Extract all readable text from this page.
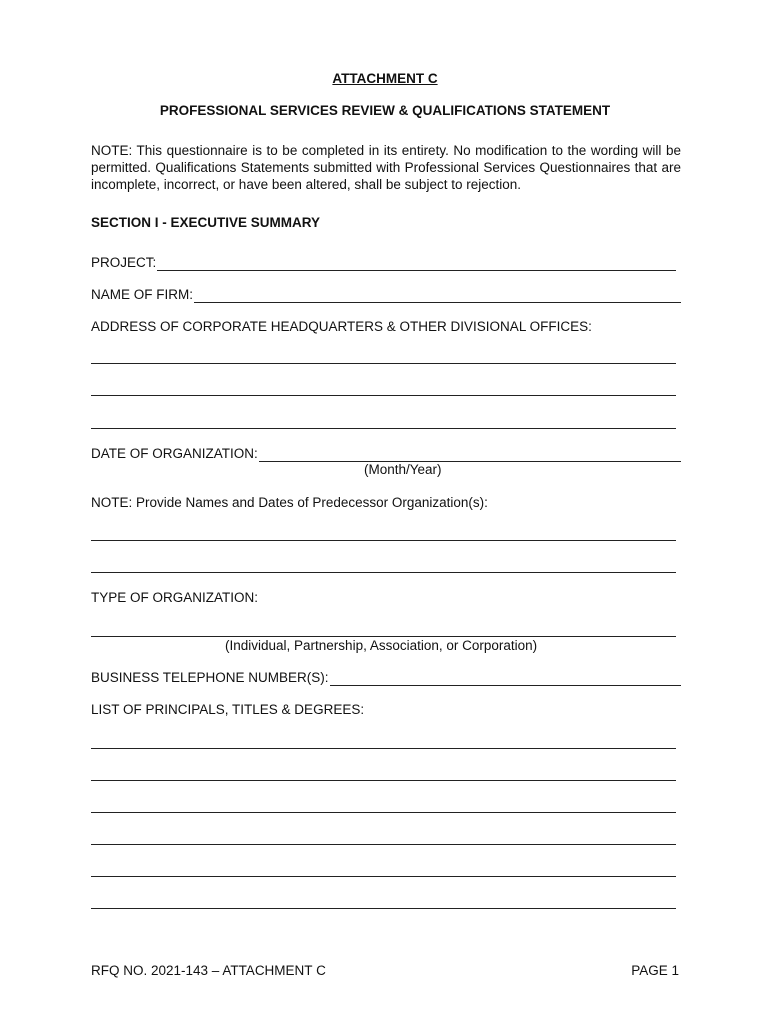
ATTACHMENT C
PROFESSIONAL SERVICES REVIEW & QUALIFICATIONS STATEMENT
NOTE: This questionnaire is to be completed in its entirety. No modification to the wording will be permitted. Qualifications Statements submitted with Professional Services Questionnaires that are incomplete, incorrect, or have been altered, shall be subject to rejection.
SECTION I - EXECUTIVE SUMMARY
PROJECT:
NAME OF FIRM:
ADDRESS OF CORPORATE HEADQUARTERS & OTHER DIVISIONAL OFFICES:
DATE OF ORGANIZATION:
(Month/Year)
NOTE: Provide Names and Dates of Predecessor Organization(s):
TYPE OF ORGANIZATION:
(Individual, Partnership, Association, or Corporation)
BUSINESS TELEPHONE NUMBER(S):
LIST OF PRINCIPALS, TITLES & DEGREES:
RFQ NO. 2021-143 – ATTACHMENT C	PAGE 1
